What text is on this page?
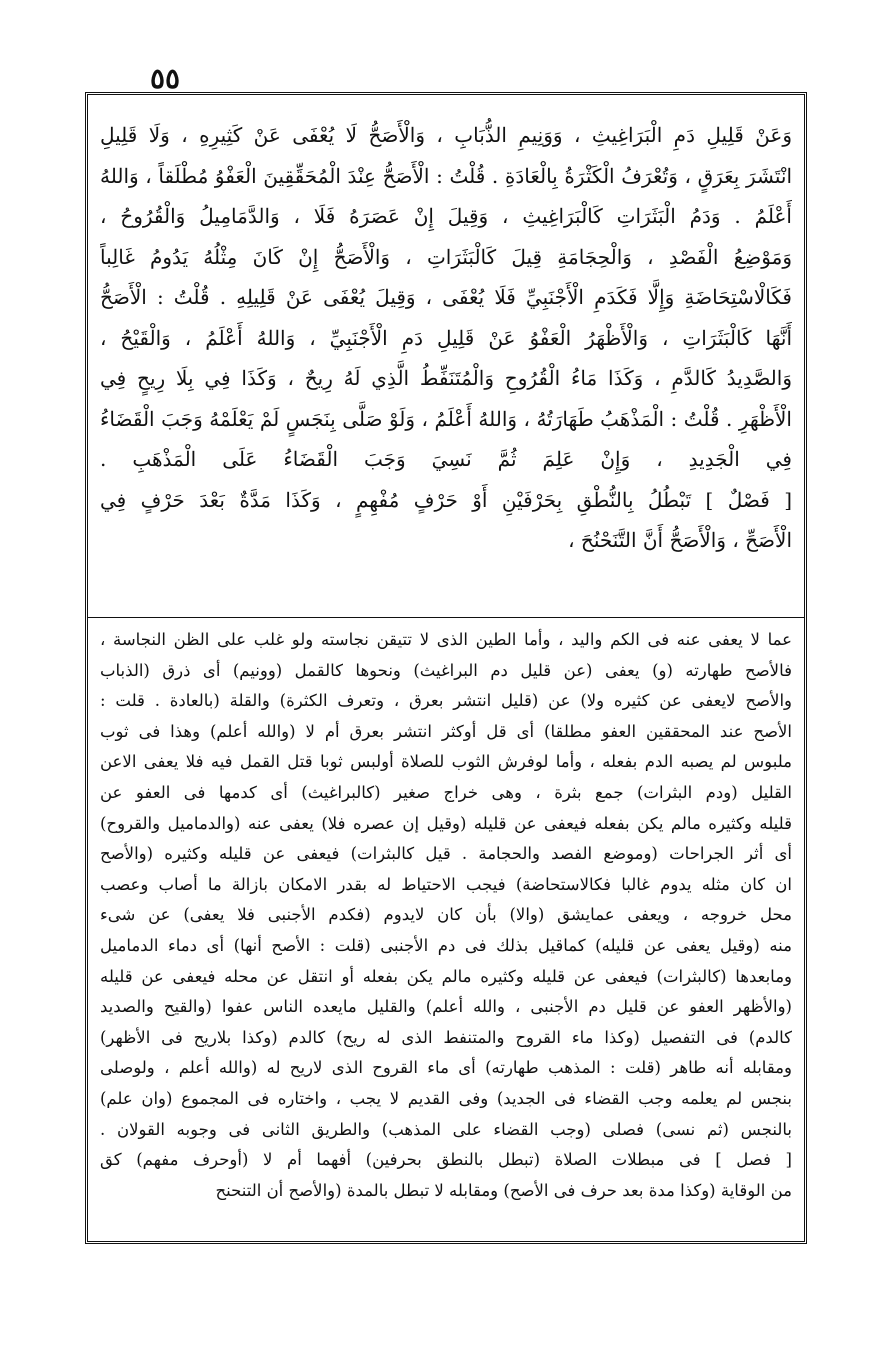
٥٥
وَعَنْ قَلِيلِ دَمِ الْبَرَاغِيثِ ، وَوَنِيمِ الذُّبَابِ ، وَالْأَصَحُّ لَا يُعْفَى عَنْ كَثِيرِهِ ، وَلَا قَلِيلِ
انْتَشَرَ بِعَرَقٍ ، وَتُعْرَفُ الْكَثْرَةُ بِالْعَادَةِ . قُلْتُ : الْأَصَحُّ عِنْدَ الْمُحَقِّقِينَ الْعَفْوُ مُطْلَقاً ، وَاللهُ
أَعْلَمُ . وَدَمُ الْبَثَرَاتِ كَالْبَرَاغِيثِ ، وَقِيلَ إِنْ عَصَرَهُ فَلَا ، وَالدَّمَامِيلُ وَالْقُرُوحُ ،
وَمَوْضِعُ الْفَصْدِ ، وَالْحِجَامَةِ قِيلَ كَالْبَثَرَاتِ ، وَالْأَصَحُّ إِنْ كَانَ مِثْلُهُ يَدُومُ غَالِباً
فَكَالْاسْتِحَاضَةِ وَإِلَّا فَكَدَمِ الْأَجْنَبِيِّ فَلَا يُعْفَى ، وَقِيلَ يُعْفَى عَنْ قَلِيلِهِ . قُلْتُ : الْأَصَحُّ
أَنَّهَا كَالْبَثَرَاتِ ، وَالْأَظْهَرُ الْعَفْوُ عَنْ قَلِيلِ دَمِ الْأَجْنَبِيِّ ، وَاللهُ أَعْلَمُ ، وَالْقَيْحُ ،
وَالصَّدِيدُ كَالدَّمِ ، وَكَذَا مَاءُ الْقُرُوحِ وَالْمُتَنَفِّطُ الَّذِي لَهُ رِيحٌ ، وَكَذَا فِي بِلَا رِيحٍ فِي
الْأَظْهَرِ . قُلْتُ : الْمَذْهَبُ طَهَارَتُهُ ، وَاللهُ أَعْلَمُ ، وَلَوْ صَلَّى بِنَجَسٍ لَمْ يَعْلَمْهُ وَجَبَ الْقَضَاءُ
فِي الْجَدِيدِ ، وَإِنْ عَلِمَ ثُمَّ نَسِيَ وَجَبَ الْقَضَاءُ عَلَى الْمَذْهَبِ .
[ فَصْلٌ ] تَبْطُلُ بِالنُّطْقِ بِحَرْفَيْنِ أَوْ حَرْفٍ مُفْهِمٍ ، وَكَذَا مَدَّةٌ بَعْدَ حَرْفٍ فِي
الْأَصَحِّ ، وَالْأَصَحُّ أَنَّ التَّنَحْنُحَ ،
عما لا يعفى عنه فى الكم واليد ، وأما الطين الذى لا تتيقن نجاسته ولو غلب على الظن النجاسة ،
فالأصح طهارته (و) يعفى (عن قليل دم البراغيث) ونحوها كالقمل (وونيم) أى ذرق (الذباب
والأصح لايعفى عن كثيره ولا) عن (قليل انتشر بعرق ، وتعرف الكثرة) والقلة (بالعادة . قلت :
الأصح عند المحققين العفو مطلقا) أى قل أوكثر انتشر بعرق أم لا (والله أعلم) وهذا فى ثوب
ملبوس لم يصبه الدم بفعله ، وأما لوفرش الثوب للصلاة أولبس ثوبا قتل القمل فيه فلا يعفى الاعن
القليل (ودم البثرات) جمع بثرة ، وهى خراج صغير (كالبراغيث) أى كدمها فى العفو عن
قليله وكثيره مالم يكن بفعله فيعفى عن قليله (وقيل إن عصره فلا) يعفى عنه (والدماميل والقروح)
أى أثر الجراحات (وموضع الفصد والحجامة . قيل كالبثرات) فيعفى عن قليله وكثيره (والأصح
ان كان مثله يدوم غالبا فكالاستحاضة) فيجب الاحتياط له بقدر الامكان بازالة ما أصاب وعصب
محل خروجه ، ويعفى عمايشق (والا) بأن كان لايدوم (فكدم الأجنبى فلا يعفى) عن شىء
منه (وقيل يعفى عن قليله) كماقيل بذلك فى دم الأجنبى (قلت : الأصح أنها) أى دماء الدماميل
ومابعدها (كالبثرات) فيعفى عن قليله وكثيره مالم يكن بفعله أو انتقل عن محله فيعفى عن قليله
(والأظهر العفو عن قليل دم الأجنبى ، والله أعلم) والقليل مايعده الناس عفوا (والقيح والصديد
كالدم) فى التفصيل (وكذا ماء القروح والمتنفط الذى له ريح) كالدم (وكذا بلاريح فى الأظهر)
ومقابله أنه طاهر (قلت : المذهب طهارته) أى ماء القروح الذى لاريح له (والله أعلم ، ولوصلى
بنجس لم يعلمه وجب القضاء فى الجديد) وفى القديم لا يجب ، واختاره فى المجموع (وان علم)
بالنجس (ثم نسى) فصلى (وجب القضاء على المذهب) والطريق الثانى فى وجوبه القولان .
[ فصل ] فى مبطلات الصلاة (تبطل بالنطق بحرفين) أفهما أم لا (أوحرف مفهم) كق
من الوقاية (وكذا مدة بعد حرف فى الأصح) ومقابله لا تبطل بالمدة (والأصح أن التنحنح
